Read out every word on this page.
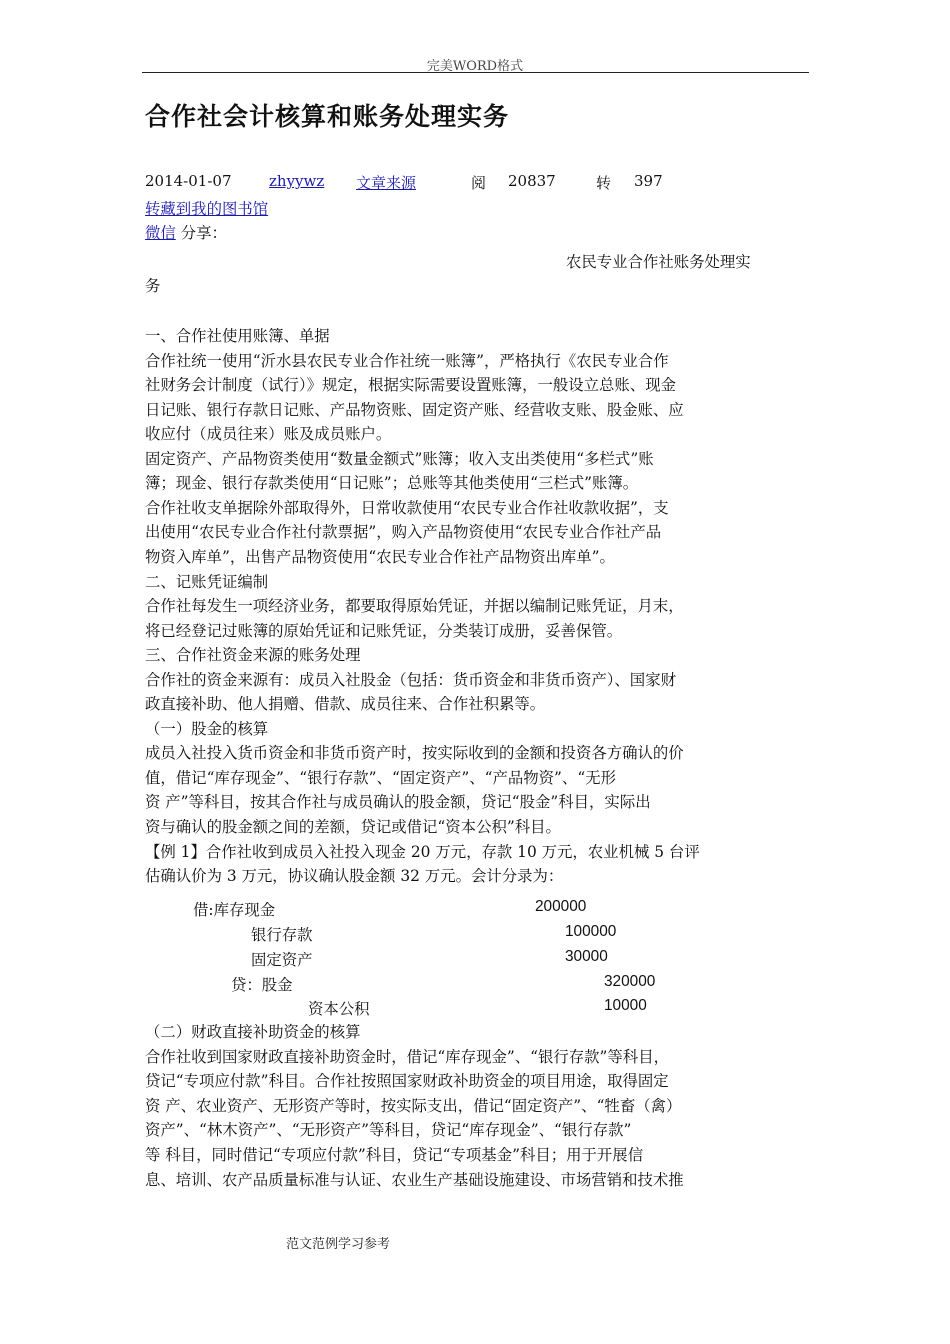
完美WORD格式
合作社会计核算和账务处理实务
2014-01-07	zhyywz 文章来源	阅 20837	转 397
转藏到我的图书馆
微信 分享：
农民专业合作社账务处理实
务
一、合作社使用账簿、单据
合作社统一使用“沂水县农民专业合作社统一账簿”，严格执行《农民专业合作
社财务会计制度（试行）》规定，根据实际需要设置账簿，一般设立总账、现金
日记账、银行存款日记账、产品物资账、固定资产账、经营收支账、股金账、应
收应付（成员往来）账及成员账户。
固定资产、产品物资类使用“数量金额式”账簿；收入支出类使用“多栏式”账
簿；现金、银行存款类使用“日记账”；总账等其他类使用“三栏式”账簿。
合作社收支单据除外部取得外，日常收款使用“农民专业合作社收款收据”，支
出使用“农民专业合作社付款票据”，购入产品物资使用“农民专业合作社产品
物资入库单”，出售产品物资使用“农民专业合作社产品物资出库单”。
二、记账凭证编制
合作社每发生一项经济业务，都要取得原始凭证，并据以编制记账凭证，月末，
将已经登记过账簿的原始凭证和记账凭证，分类装订成册，妥善保管。
三、合作社资金来源的账务处理
合作社的资金来源有：成员入社股金（包括：货币资金和非货币资产）、国家财
政直接补助、他人捐赠、借款、成员往来、合作社积累等。
（一）股金的核算
成员入社投入货币资金和非货币资产时，按实际收到的金额和投资各方确认的价
值，借记“库存现金”、“银行存款”、“固定资产”、“产品物资”、“无形
资 产”等科目，按其合作社与成员确认的股金额，贷记“股金”科目，实际出
资与确认的股金额之间的差额，贷记或借记“资本公积”科目。
【例 1】合作社收到成员入社投入现金 20 万元，存款 10 万元，农业机械 5 台评
估确认价为 3 万元，协议确认股金额 32 万元。会计分录为：
借:库存现金	200000
银行存款	100000
固定资产	30000
贷：股金	320000
资本公积	10000
（二）财政直接补助资金的核算
合作社收到国家财政直接补助资金时，借记“库存现金”、“银行存款”等科目，
贷记“专项应付款”科目。合作社按照国家财政补助资金的项目用途，取得固定
资 产、农业资产、无形资产等时，按实际支出，借记“固定资产”、“牲畜（禽）
资产”、“林木资产”、“无形资产”等科目，贷记“库存现金”、“银行存款”
等 科目，同时借记“专项应付款”科目，贷记“专项基金”科目；用于开展信
息、培训、农产品质量标准与认证、农业生产基础设施建设、市场营销和技术推
范文范例学习参考
